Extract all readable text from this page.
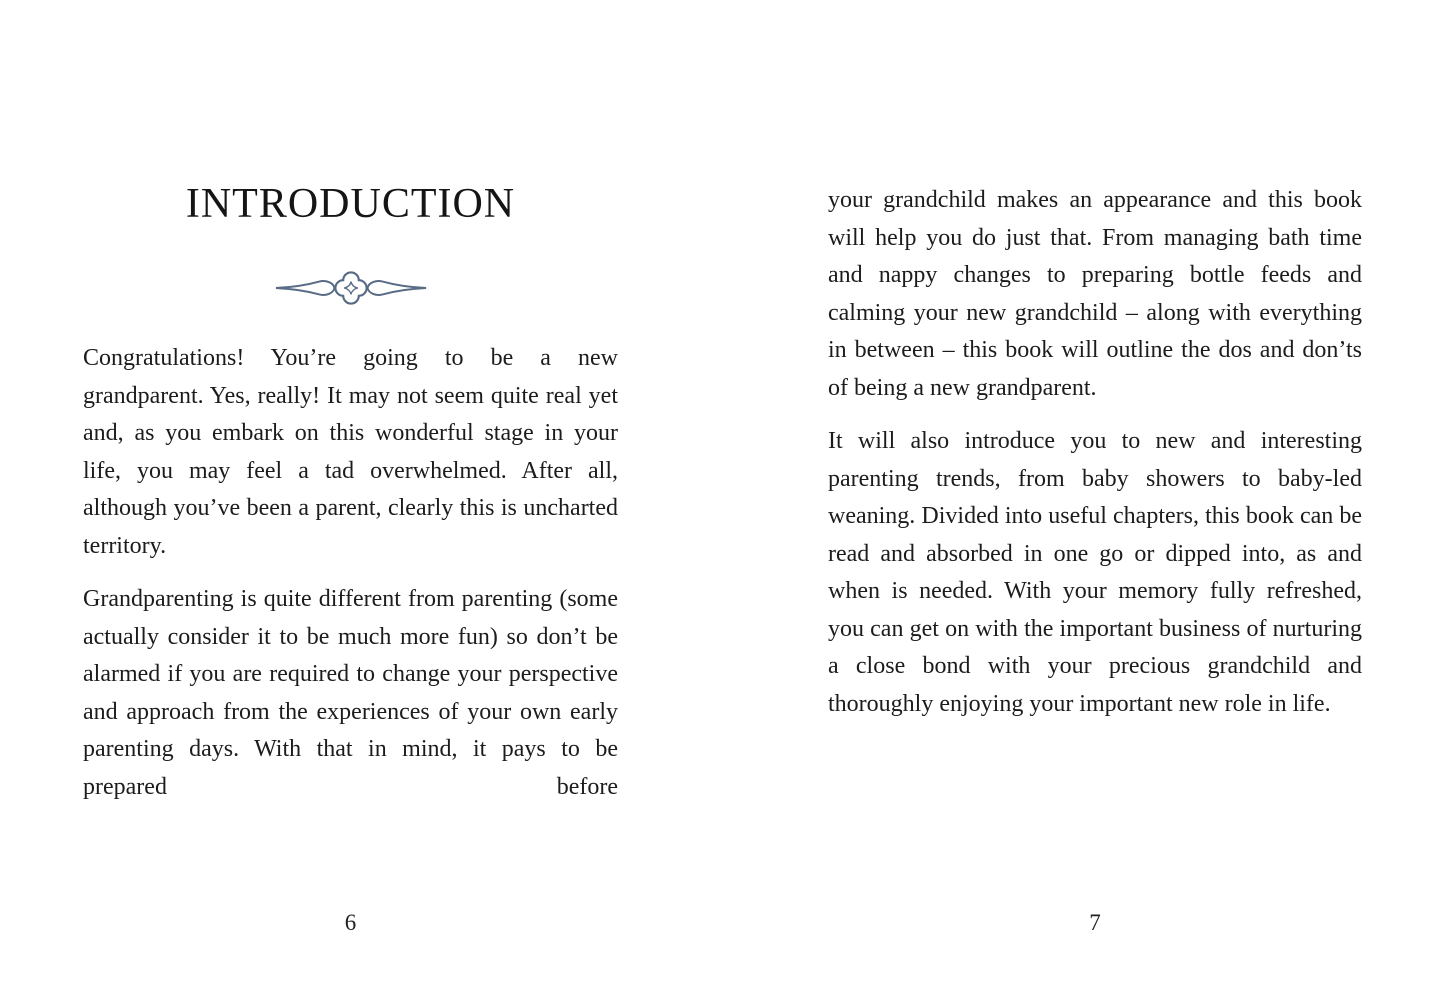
INTRODUCTION

Congratulations! You’re going to be a new grandparent. Yes, really! It may not seem quite real yet and, as you embark on this wonderful stage in your life, you may feel a tad overwhelmed. After all, although you’ve been a parent, clearly this is uncharted territory.

Grandparenting is quite different from parenting (some actually consider it to be much more fun) so don’t be alarmed if you are required to change your perspective and approach from the experiences of your own early parenting days. With that in mind, it pays to be prepared before

6

your grandchild makes an appearance and this book will help you do just that. From managing bath time and nappy changes to preparing bottle feeds and calming your new grandchild – along with everything in between – this book will outline the dos and don’ts of being a new grandparent.

It will also introduce you to new and interesting parenting trends, from baby showers to baby-led weaning. Divided into useful chapters, this book can be read and absorbed in one go or dipped into, as and when is needed. With your memory fully refreshed, you can get on with the important business of nurturing a close bond with your precious grandchild and thoroughly enjoying your important new role in life.

7
